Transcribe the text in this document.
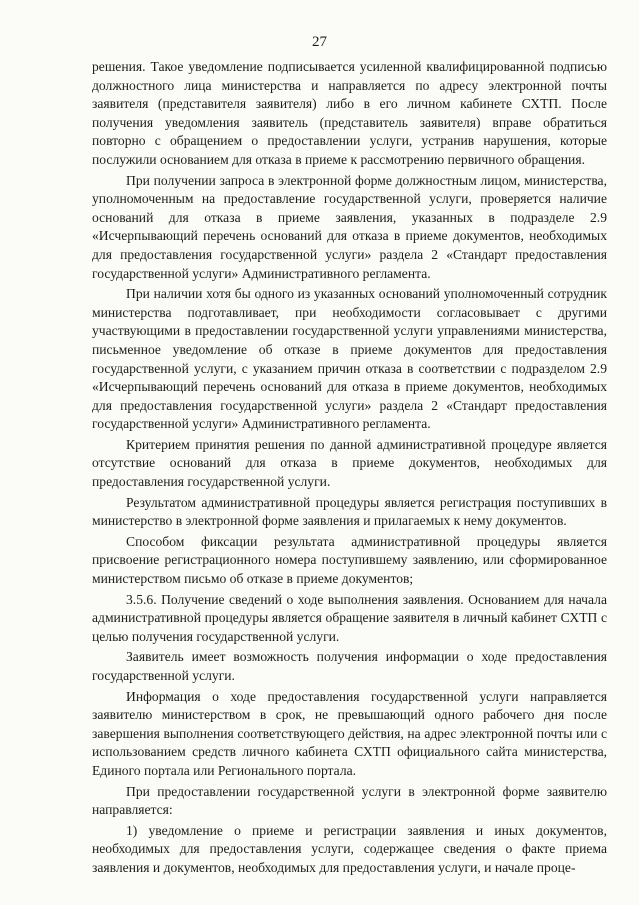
27

решения. Такое уведомление подписывается усиленной квалифицированной подписью должностного лица министерства и направляется по адресу электронной почты заявителя (представителя заявителя) либо в его личном кабинете СХТП. После получения уведомления заявитель (представитель заявителя) вправе обратиться повторно с обращением о предоставлении услуги, устранив нарушения, которые послужили основанием для отказа в приеме к рассмотрению первичного обращения.

При получении запроса в электронной форме должностным лицом, министерства, уполномоченным на предоставление государственной услуги, проверяется наличие оснований для отказа в приеме заявления, указанных в подразделе 2.9 «Исчерпывающий перечень оснований для отказа в приеме документов, необходимых для предоставления государственной услуги» раздела 2 «Стандарт предоставления государственной услуги» Административного регламента.

При наличии хотя бы одного из указанных оснований уполномоченный сотрудник министерства подготавливает, при необходимости согласовывает с другими участвующими в предоставлении государственной услуги управлениями министерства, письменное уведомление об отказе в приеме документов для предоставления государственной услуги, с указанием причин отказа в соответствии с подразделом 2.9 «Исчерпывающий перечень оснований для отказа в приеме документов, необходимых для предоставления государственной услуги» раздела 2 «Стандарт предоставления государственной услуги» Административного регламента.

Критерием принятия решения по данной административной процедуре является отсутствие оснований для отказа в приеме документов, необходимых для предоставления государственной услуги.

Результатом административной процедуры является регистрация поступивших в министерство в электронной форме заявления и прилагаемых к нему документов.

Способом фиксации результата административной процедуры является присвоение регистрационного номера поступившему заявлению, или сформированное министерством письмо об отказе в приеме документов;

3.5.6. Получение сведений о ходе выполнения заявления. Основанием для начала административной процедуры является обращение заявителя в личный кабинет СХТП с целью получения государственной услуги.

Заявитель имеет возможность получения информации о ходе предоставления государственной услуги.

Информация о ходе предоставления государственной услуги направляется заявителю министерством в срок, не превышающий одного рабочего дня после завершения выполнения соответствующего действия, на адрес электронной почты или с использованием средств личного кабинета СХТП официального сайта министерства, Единого портала или Регионального портала.

При предоставлении государственной услуги в электронной форме заявителю направляется:

1) уведомление о приеме и регистрации заявления и иных документов, необходимых для предоставления услуги, содержащее сведения о факте приема заявления и документов, необходимых для предоставления услуги, и начале проце-
